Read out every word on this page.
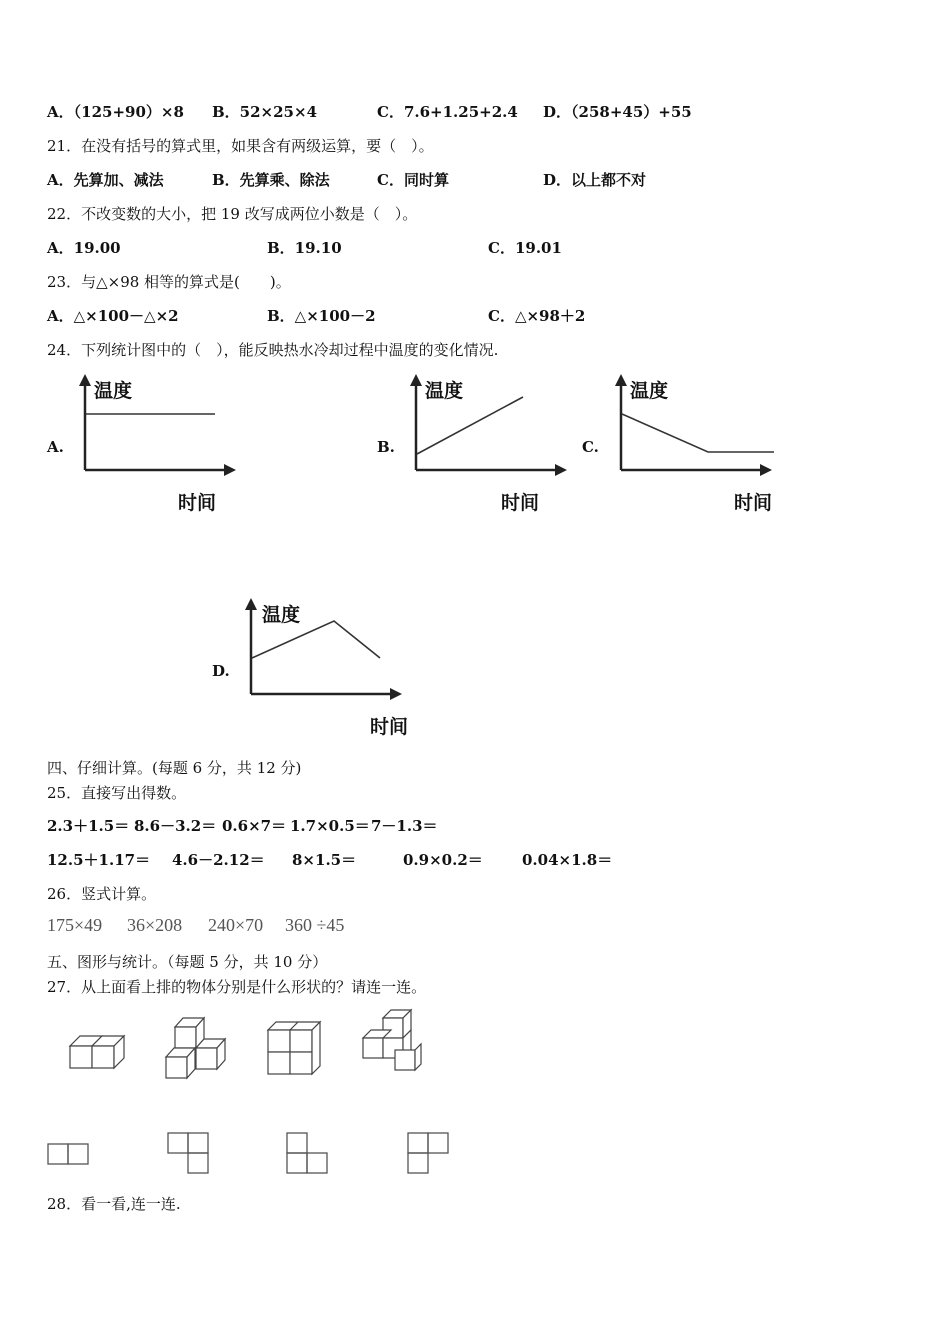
A．（125+90）×8 B．52×25×4	C．7.6+1.25+2.4 D．（258+45）+55
21．在没有括号的算式里，如果含有两级运算，要（　）。
A．先算加、减法	B．先算乘、除法	C．同时算	D．以上都不对
22．不改变数的大小，把 19 改写成两位小数是（　）。
A．19.00	B．19.10	C．19.01
23．与△×98 相等的算式是(　　)。
A．△×100－△×2	B．△×100－2	C．△×98＋2
24．下列统计图中的（　），能反映热水冷却过程中温度的变化情况.
A.
温度
时间
B.
温度
时间
C.
温度
时间
D.
温度
时间
四、仔细计算。(每题 6 分，共 12 分)
25．直接写出得数。
2.3＋1.5＝ 8.6－3.2＝ 0.6×7＝ 1.7×0.5＝ 7－1.3＝
12.5＋1.17＝ 4.6－2.12＝ 8×1.5＝	0.9×0.2＝	0.04×1.8＝
26．竖式计算。
175×49 36×208 240×70 360 ÷45
五、图形与统计。（每题 5 分，共 10 分）
27．从上面看上排的物体分别是什么形状的？请连一连。
28．看一看,连一连.
